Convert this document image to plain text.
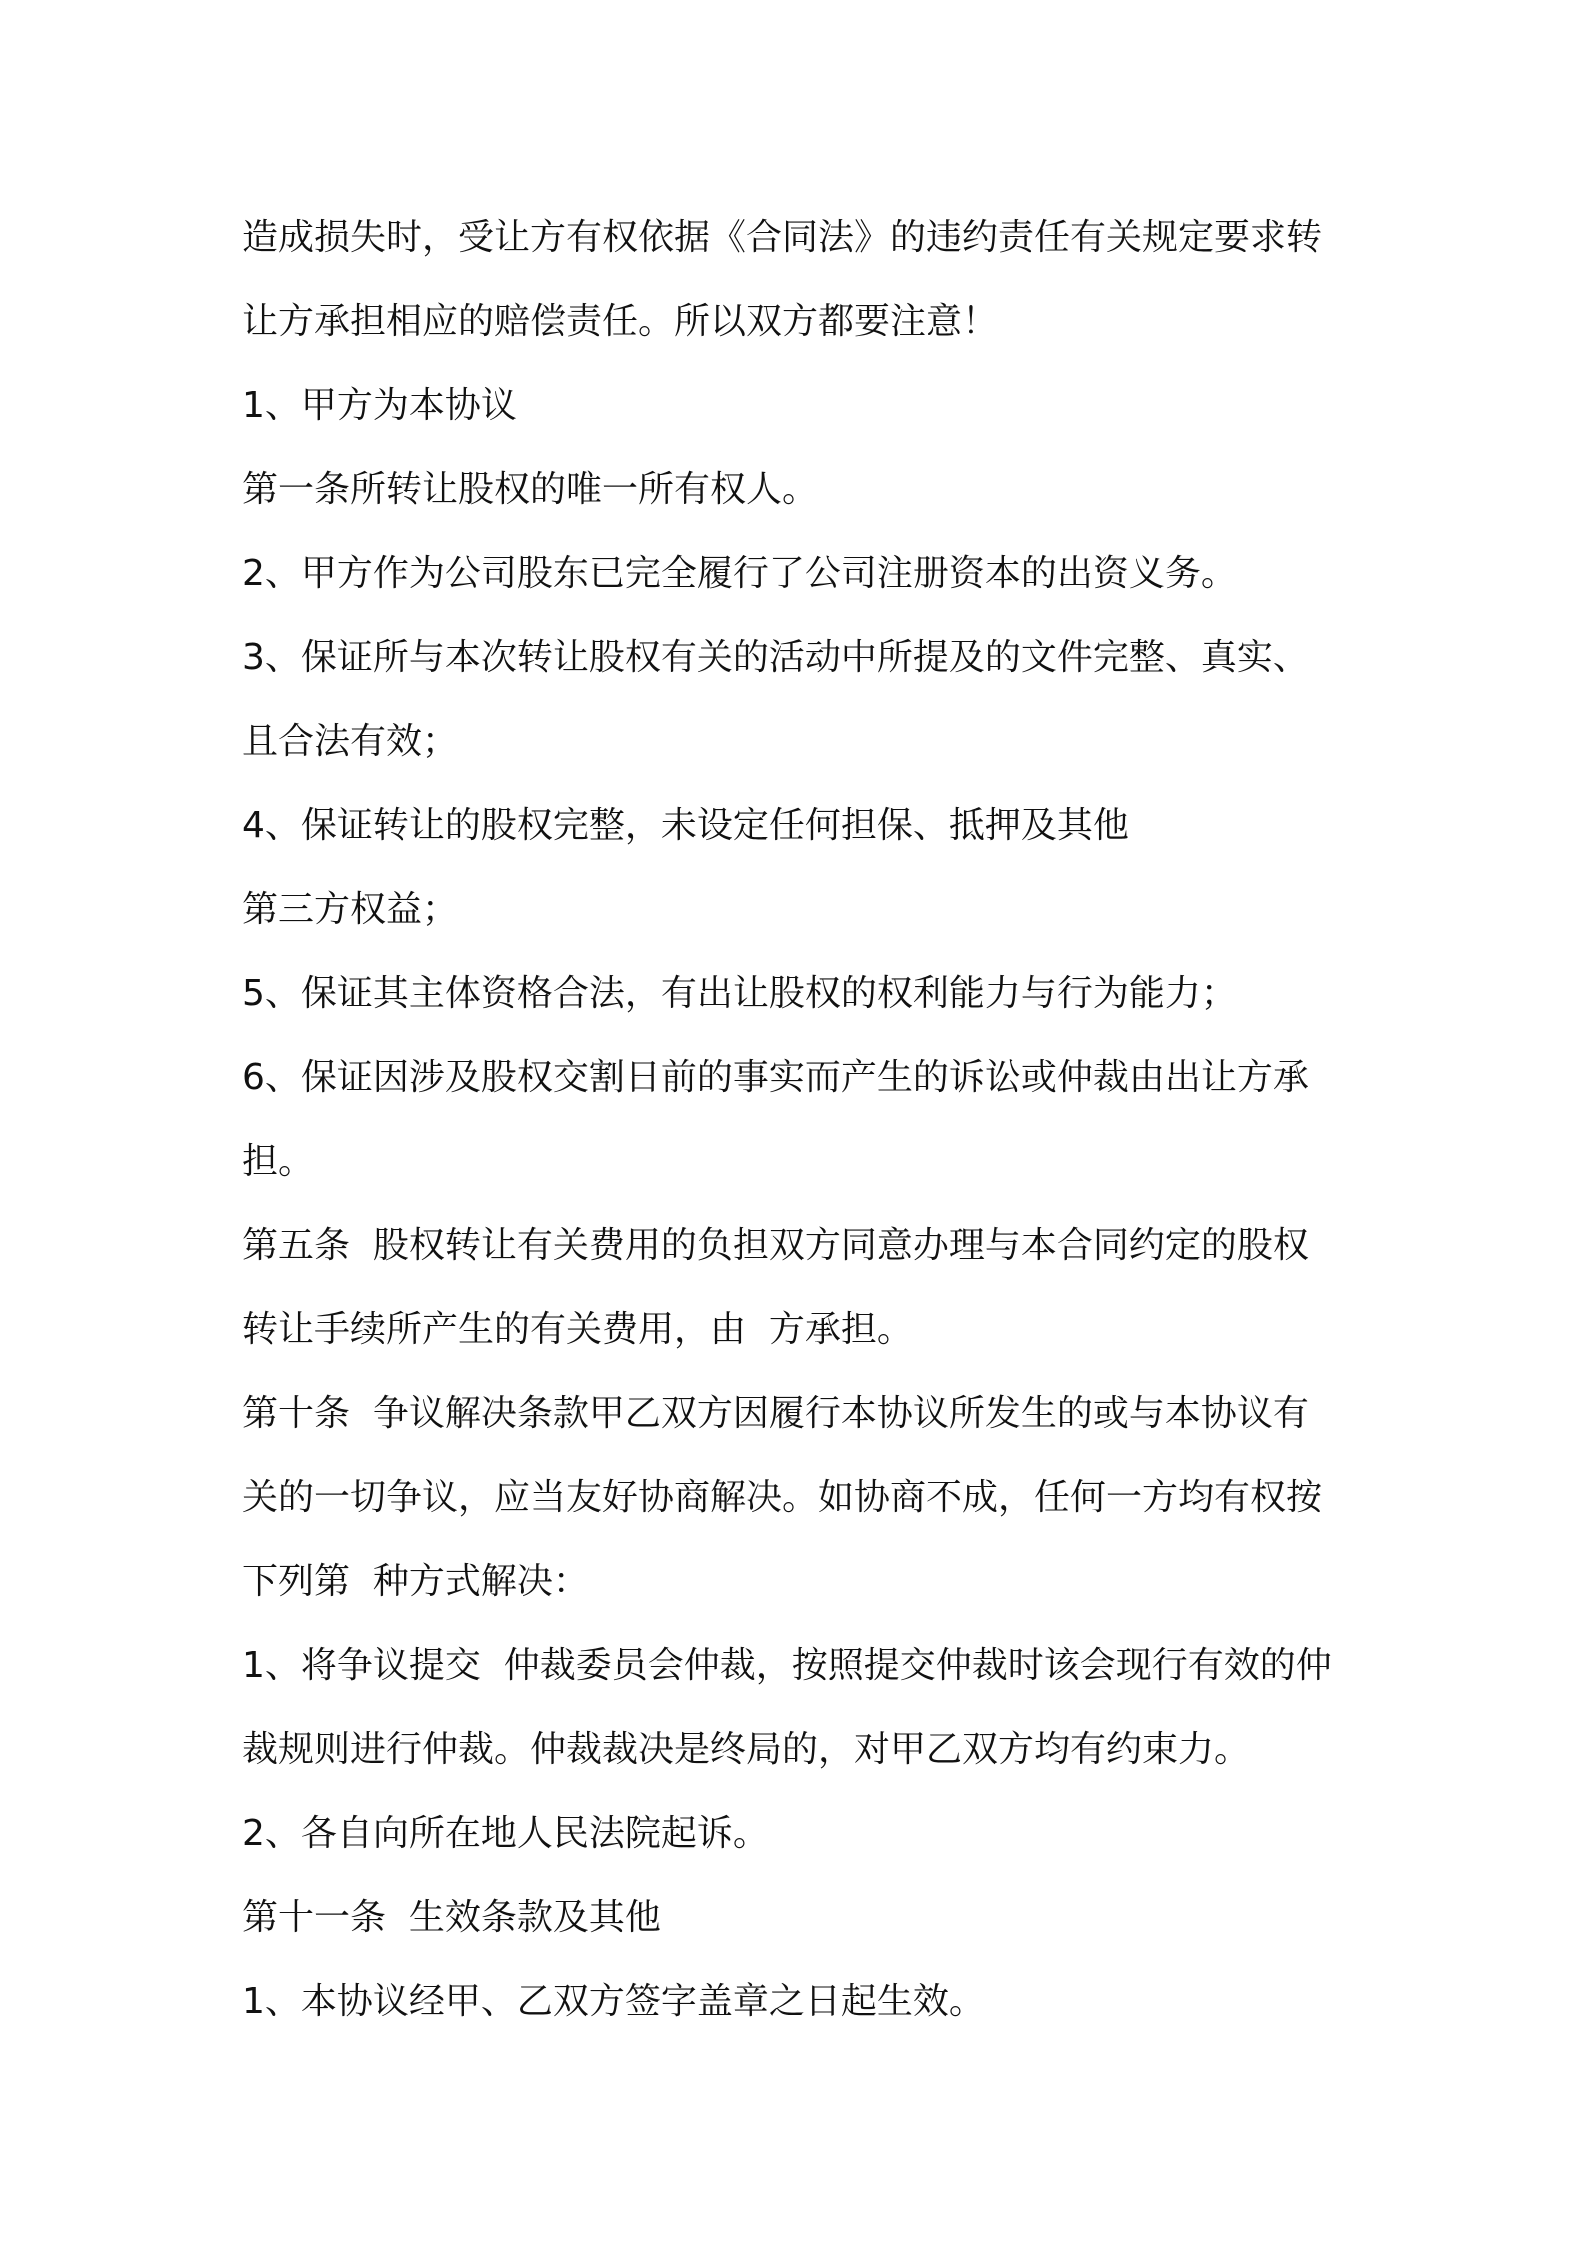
造成损失时，受让方有权依据《合同法》的违约责任有关规定要求转
让方承担相应的赔偿责任。所以双方都要注意！
1、甲方为本协议
第一条所转让股权的唯一所有权人。
2、甲方作为公司股东已完全履行了公司注册资本的出资义务。
3、保证所与本次转让股权有关的活动中所提及的文件完整、真实、
且合法有效；
4、保证转让的股权完整，未设定任何担保、抵押及其他
第三方权益；
5、保证其主体资格合法，有出让股权的权利能力与行为能力；
6、保证因涉及股权交割日前的事实而产生的诉讼或仲裁由出让方承
担。
第五条  股权转让有关费用的负担双方同意办理与本合同约定的股权
转让手续所产生的有关费用，由  方承担。
第十条  争议解决条款甲乙双方因履行本协议所发生的或与本协议有
关的一切争议，应当友好协商解决。如协商不成，任何一方均有权按
下列第  种方式解决：
1、将争议提交  仲裁委员会仲裁，按照提交仲裁时该会现行有效的仲
裁规则进行仲裁。仲裁裁决是终局的，对甲乙双方均有约束力。
2、各自向所在地人民法院起诉。
第十一条  生效条款及其他
1、本协议经甲、乙双方签字盖章之日起生效。
